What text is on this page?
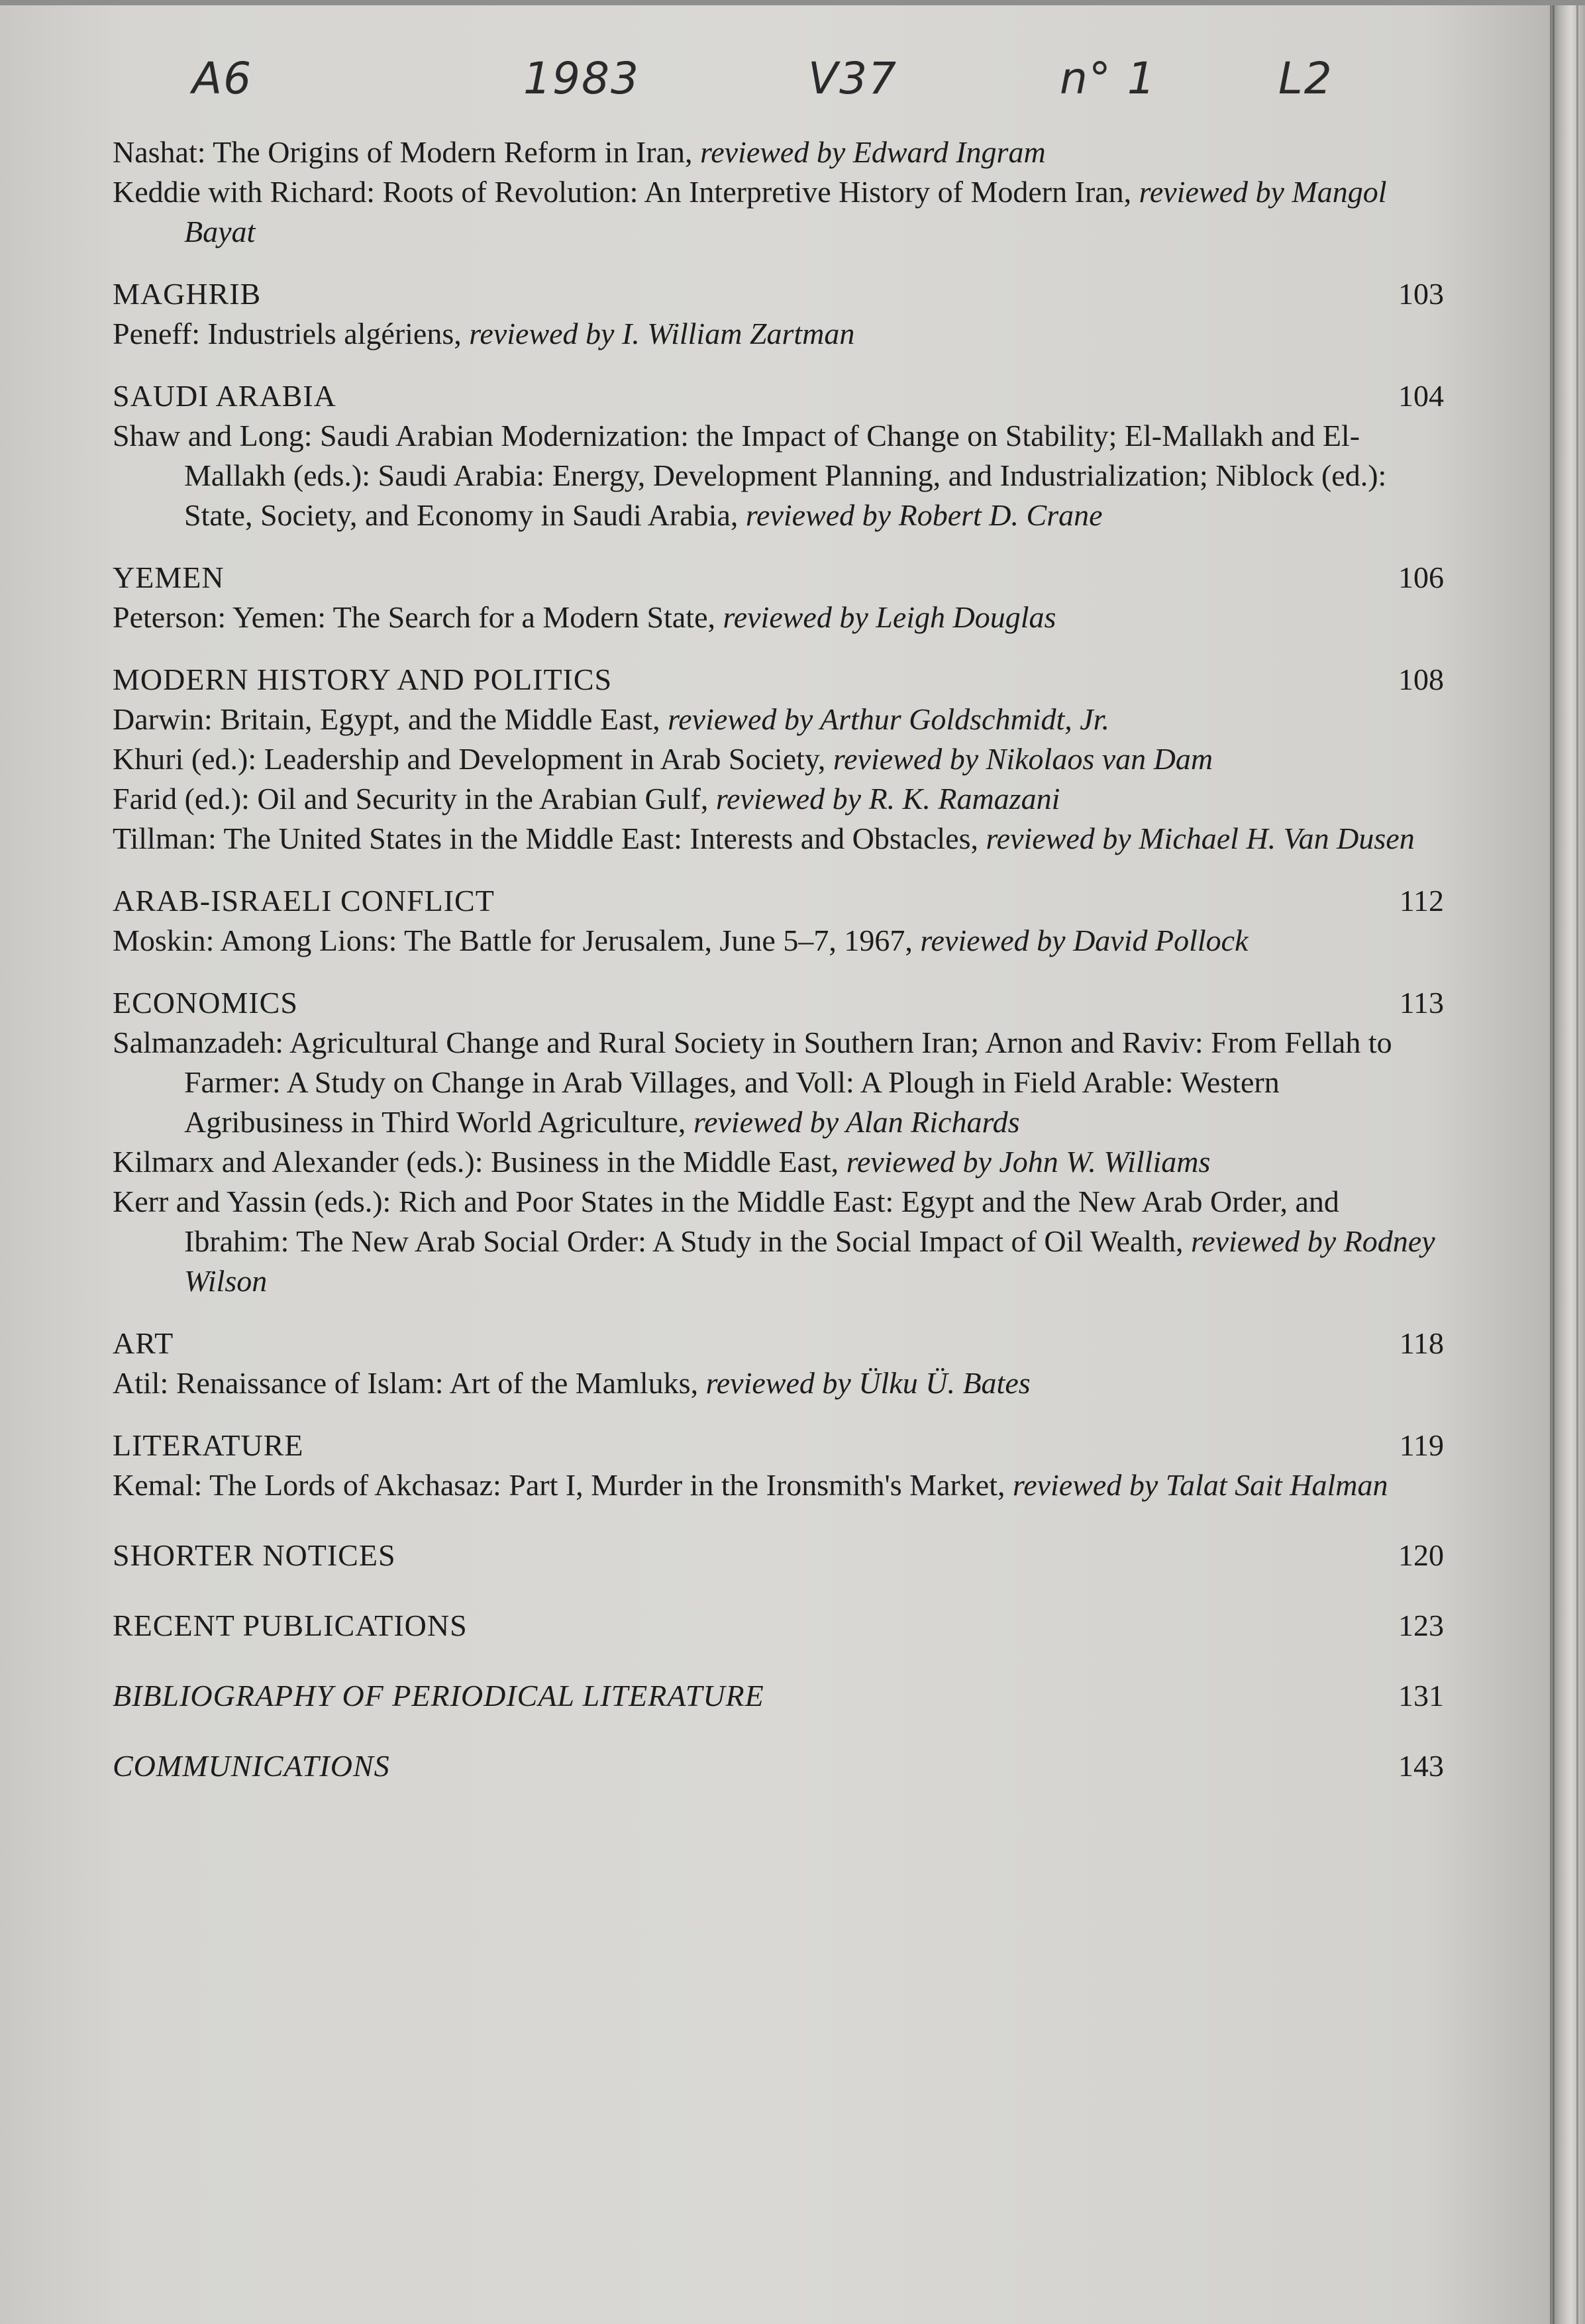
A6	1983	V37	n° 1	L2

Nashat: The Origins of Modern Reform in Iran, reviewed by Edward Ingram

Keddie with Richard: Roots of Revolution: An Interpretive History of Modern Iran, reviewed by Mangol Bayat

MAGHRIB	103

Peneff: Industriels algériens, reviewed by I. William Zartman

SAUDI ARABIA	104

Shaw and Long: Saudi Arabian Modernization: the Impact of Change on Stability; El-Mallakh and El-Mallakh (eds.): Saudi Arabia: Energy, Development Planning, and Industrialization; Niblock (ed.): State, Society, and Economy in Saudi Arabia, reviewed by Robert D. Crane

YEMEN	106

Peterson: Yemen: The Search for a Modern State, reviewed by Leigh Douglas

MODERN HISTORY AND POLITICS	108

Darwin: Britain, Egypt, and the Middle East, reviewed by Arthur Goldschmidt, Jr.

Khuri (ed.): Leadership and Development in Arab Society, reviewed by Nikolaos van Dam

Farid (ed.): Oil and Security in the Arabian Gulf, reviewed by R. K. Ramazani

Tillman: The United States in the Middle East: Interests and Obstacles, reviewed by Michael H. Van Dusen

ARAB-ISRAELI CONFLICT	112

Moskin: Among Lions: The Battle for Jerusalem, June 5–7, 1967, reviewed by David Pollock

ECONOMICS	113

Salmanzadeh: Agricultural Change and Rural Society in Southern Iran; Arnon and Raviv: From Fellah to Farmer: A Study on Change in Arab Villages, and Voll: A Plough in Field Arable: Western Agribusiness in Third World Agriculture, reviewed by Alan Richards

Kilmarx and Alexander (eds.): Business in the Middle East, reviewed by John W. Williams

Kerr and Yassin (eds.): Rich and Poor States in the Middle East: Egypt and the New Arab Order, and Ibrahim: The New Arab Social Order: A Study in the Social Impact of Oil Wealth, reviewed by Rodney Wilson

ART	118

Atil: Renaissance of Islam: Art of the Mamluks, reviewed by Ülku Ü. Bates

LITERATURE	119

Kemal: The Lords of Akchasaz: Part I, Murder in the Ironsmith's Market, reviewed by Talat Sait Halman

SHORTER NOTICES	120

RECENT PUBLICATIONS	123

BIBLIOGRAPHY OF PERIODICAL LITERATURE	131

COMMUNICATIONS	143
